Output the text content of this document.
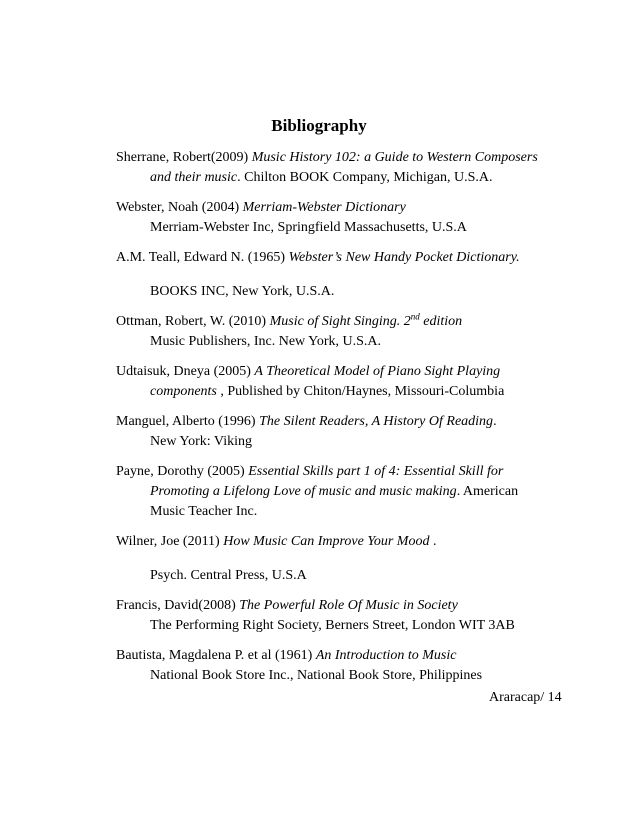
Bibliography
Sherrane, Robert(2009) Music History 102: a Guide to Western Composers
and their music. Chilton BOOK Company, Michigan, U.S.A.
Webster, Noah (2004) Merriam-Webster Dictionary
Merriam-Webster Inc, Springfield Massachusetts, U.S.A
A.M. Teall, Edward N. (1965) Webster’s New Handy Pocket Dictionary.
BOOKS INC, New York, U.S.A.
Ottman, Robert, W. (2010) Music of Sight Singing. 2nd edition
Music Publishers, Inc. New York, U.S.A.
Udtaisuk, Dneya (2005) A Theoretical Model of Piano Sight Playing
components , Published by Chiton/Haynes, Missouri-Columbia
Manguel, Alberto (1996) The Silent Readers, A History Of Reading.
New York: Viking
Payne, Dorothy (2005) Essential Skills part 1 of 4: Essential Skill for
Promoting a Lifelong Love of music and music making. American
Music Teacher Inc.
Wilner, Joe (2011) How Music Can Improve Your Mood .
Psych. Central Press, U.S.A
Francis, David(2008) The Powerful Role Of Music in Society
The Performing Right Society, Berners Street, London WIT 3AB
Bautista, Magdalena P. et al (1961) An Introduction to Music
National Book Store Inc., National Book Store, Philippines
Araracap/ 14
